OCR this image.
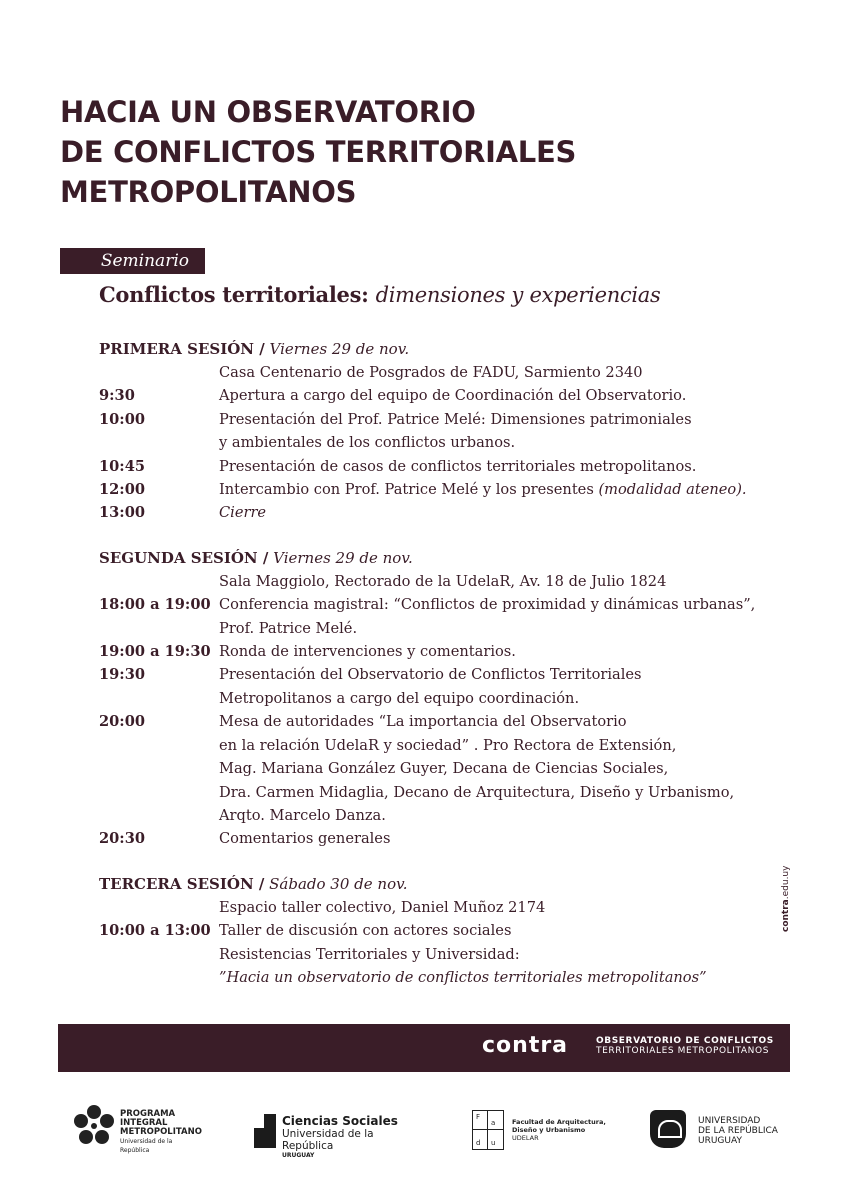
HACIA UN OBSERVATORIO
DE CONFLICTOS TERRITORIALES
METROPOLITANOS
Seminario
Conflictos territoriales: dimensiones y experiencias
PRIMERA SESIÓN / Viernes 29 de nov.
Casa Centenario de Posgrados de FADU, Sarmiento 2340
9:30	Apertura a cargo del equipo de Coordinación del Observatorio.
10:00	Presentación del Prof. Patrice Melé: Dimensiones patrimoniales
y ambientales de los conflictos urbanos.
10:45	Presentación de casos de conflictos territoriales metropolitanos.
12:00	Intercambio con Prof. Patrice Melé y los presentes (modalidad ateneo).
13:00	Cierre
SEGUNDA SESIÓN / Viernes 29 de nov.
Sala Maggiolo, Rectorado de la UdelaR, Av. 18 de Julio 1824
18:00 a 19:00 Conferencia magistral: “Conflictos de proximidad y dinámicas urbanas”,
Prof. Patrice Melé.
19:00 a 19:30 Ronda de intervenciones y comentarios.
19:30	Presentación del Observatorio de Conflictos Territoriales
Metropolitanos a cargo del equipo coordinación.
20:00	Mesa de autoridades “La importancia del Observatorio
en la relación UdelaR y sociedad” . Pro Rectora de Extensión,
Mag. Mariana González Guyer, Decana de Ciencias Sociales,
Dra. Carmen Midaglia, Decano de Arquitectura, Diseño y Urbanismo,
Arqto. Marcelo Danza.
20:30	Comentarios generales
TERCERA SESIÓN / Sábado 30 de nov.
Espacio taller colectivo, Daniel Muñoz 2174
10:00 a 13:00 Taller de discusión con actores sociales
Resistencias Territoriales y Universidad:
”Hacia un observatorio de conflictos territoriales metropolitanos”
contra.edu.uy
contra	OBSERVATORIO DE CONFLICTOS
TERRITORIALES METROPOLITANOS
PROGRAMA
INTEGRAL
METROPOLITANO
Universidad de la República
Ciencias Sociales
Universidad de la República
URUGUAY
F
a
d u
Facultad de Arquitectura,
Diseño y Urbanismo
UDELAR
UNIVERSIDAD
DE LA REPÚBLICA
URUGUAY
